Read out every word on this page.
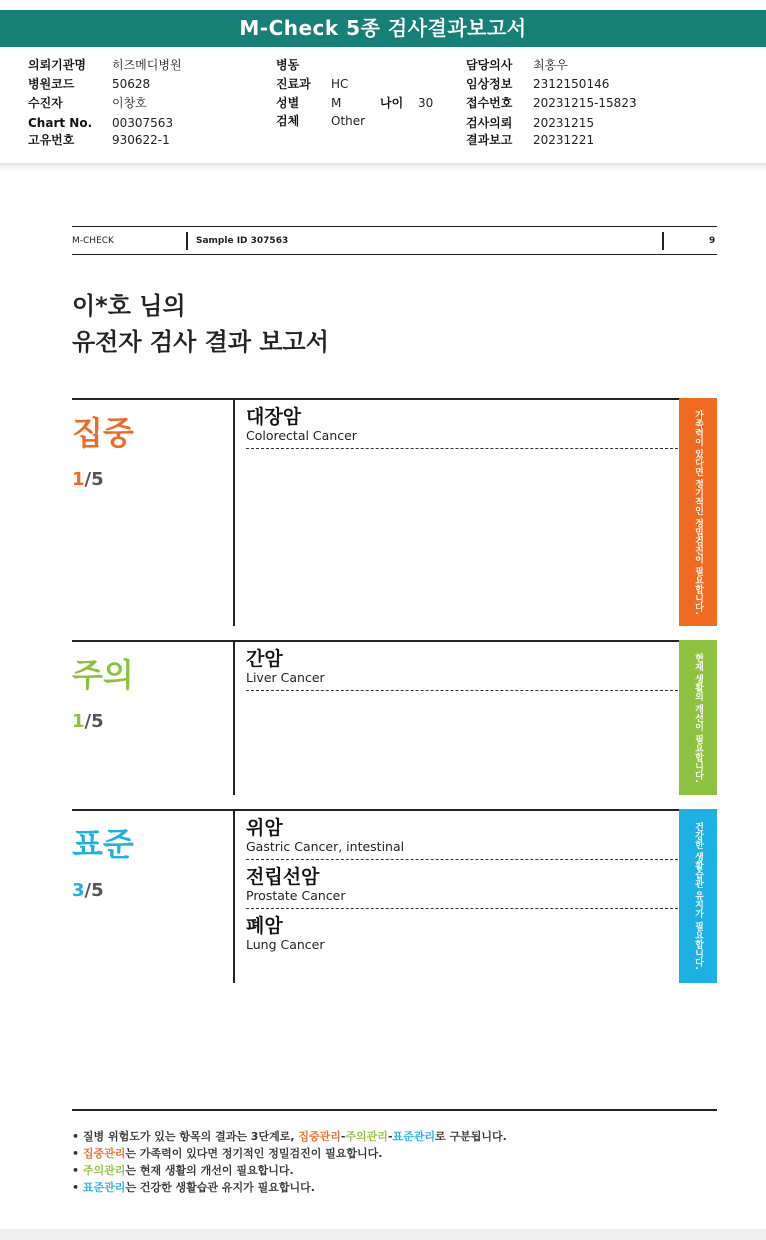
M-Check 5종 검사결과보고서
의뢰기관명 히즈메디병원
병원코드	50628
수진자	이창호
Chart No. 00307563
고유번호	930622-1
병동
진료과 HC
성별	M	나이 30
검체	Other
담당의사 최홍우
임상정보 2312150146
접수번호 20231215-15823
검사의뢰 20231215
결과보고 20231221
M-CHECK	Sample ID 307563	9
이*호 님의
유전자 검사 결과 보고서
집중
1/5
대장암
Colorectal Cancer	가족력이 있다면 정기적인 정밀검진이 필요합니다.
주의
1/5
간암
Liver Cancer	현재 생활의 개선이 필요합니다.
표준
3/5
위암
Gastric Cancer, intestinal
전립선암
Prostate Cancer
폐암
Lung Cancer	건강한 생활습관 유지가 필요합니다.
• 질병 위험도가 있는 항목의 결과는 3단계로, 집중관리-주의관리-표준관리로 구분됩니다.
• 집중관리는 가족력이 있다면 정기적인 정밀검진이 필요합니다.
• 주의관리는 현재 생활의 개선이 필요합니다.
• 표준관리는 건강한 생활습관 유지가 필요합니다.
